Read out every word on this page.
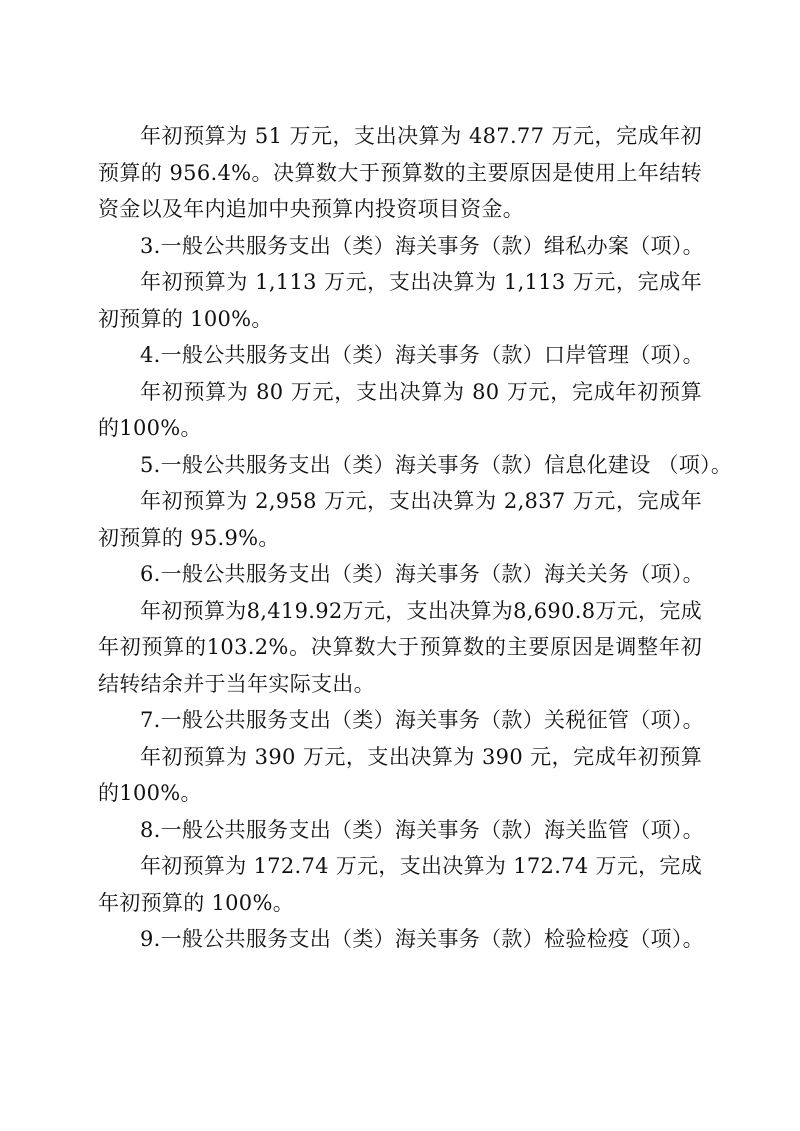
年初预算为 51 万元，支出决算为 487.77 万元，完成年初预算的 956.4%。决算数大于预算数的主要原因是使用上年结转资金以及年内追加中央预算内投资项目资金。

3.一般公共服务支出（类）海关事务（款）缉私办案（项）。

年初预算为 1,113 万元，支出决算为 1,113 万元，完成年初预算的 100%。

4.一般公共服务支出（类）海关事务（款）口岸管理（项）。

年初预算为 80 万元，支出决算为 80 万元，完成年初预算的100%。

5.一般公共服务支出（类）海关事务（款）信息化建设 （项）。

年初预算为 2,958 万元，支出决算为 2,837 万元，完成年初预算的 95.9%。

6.一般公共服务支出（类）海关事务（款）海关关务（项）。

年初预算为8,419.92万元，支出决算为8,690.8万元，完成年初预算的103.2%。决算数大于预算数的主要原因是调整年初结转结余并于当年实际支出。

7.一般公共服务支出（类）海关事务（款）关税征管（项）。

年初预算为 390 万元，支出决算为 390 元，完成年初预算的100%。

8.一般公共服务支出（类）海关事务（款）海关监管（项）。

年初预算为 172.74 万元，支出决算为 172.74 万元，完成年初预算的 100%。

9.一般公共服务支出（类）海关事务（款）检验检疫（项）。
